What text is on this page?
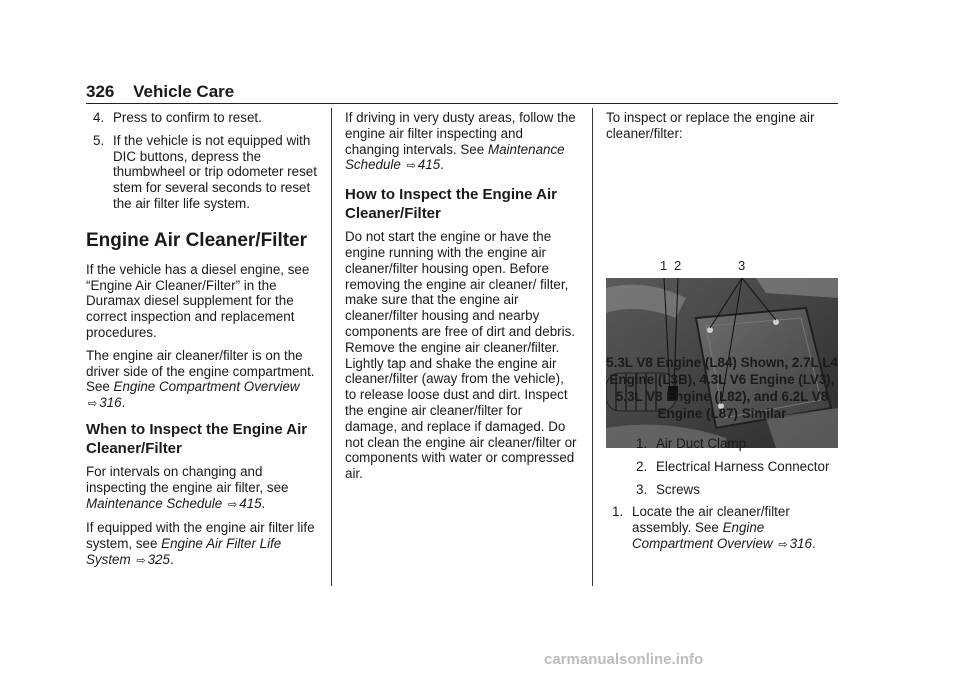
326 Vehicle Care
4. Press to confirm to reset.
5. If the vehicle is not equipped with DIC buttons, depress the thumbwheel or trip odometer reset stem for several seconds to reset the air filter life system.
Engine Air Cleaner/Filter

If the vehicle has a diesel engine, see “Engine Air Cleaner/Filter” in the Duramax diesel supplement for the correct inspection and replacement procedures.

The engine air cleaner/filter is on the driver side of the engine compartment. See Engine Compartment Overview ⇨ 316.

When to Inspect the Engine Air Cleaner/Filter

For intervals on changing and inspecting the engine air filter, see Maintenance Schedule ⇨ 415.

If equipped with the engine air filter life system, see Engine Air Filter Life System ⇨ 325.

If driving in very dusty areas, follow the engine air filter inspecting and changing intervals. See Maintenance Schedule ⇨ 415.

How to Inspect the Engine Air Cleaner/Filter

Do not start the engine or have the engine running with the engine air cleaner/filter housing open. Before removing the engine air cleaner/ filter, make sure that the engine air cleaner/filter housing and nearby components are free of dirt and debris. Remove the engine air cleaner/filter. Lightly tap and shake the engine air cleaner/filter (away from the vehicle), to release loose dust and dirt. Inspect the engine air cleaner/filter for damage, and replace if damaged. Do not clean the engine air cleaner/filter or components with water or compressed air.

To inspect or replace the engine air cleaner/filter:

1 2	3
5.3L V8 Engine (L84) Shown, 2.7L L4 Engine (L3B), 4.3L V6 Engine (LV3), 5.3L V8 Engine (L82), and 6.2L V8 Engine (L87) Similar
1. Air Duct Clamp
2. Electrical Harness Connector
3. Screws
1. Locate the air cleaner/filter assembly. See Engine Compartment Overview ⇨ 316.
carmanualsonline.info
